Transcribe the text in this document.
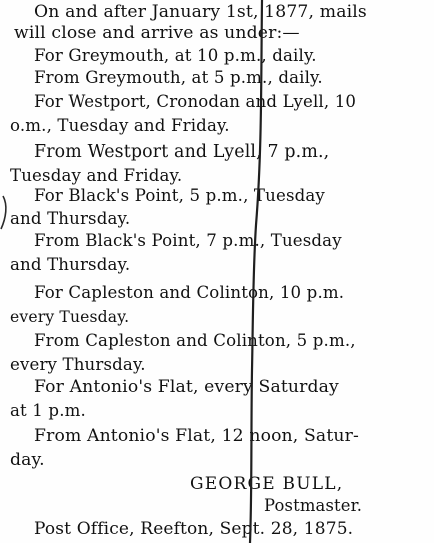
On and after January 1st, 1877, mails
will close and arrive as under:—
For Greymouth, at 10 p.m., daily.
From Greymouth, at 5 p.m., daily.
For Westport, Cronodan and Lyell, 10
o.m., Tuesday and Friday.
From Westport and Lyell, 7 p.m.,
Tuesday and Friday.
For Black's Point, 5 p.m., Tuesday
and Thursday.
From Black's Point, 7 p.m., Tuesday
and Thursday.
For Capleston and Colinton, 10 p.m.
every Tuesday.
From Capleston and Colinton, 5 p.m.,
every Thursday.
For Antonio's Flat, every Saturday
at 1 p.m.
From Antonio's Flat, 12 noon, Satur-
day.
GEORGE BULL,
Postmaster.
Post Office, Reefton, Sept. 28, 1875.
